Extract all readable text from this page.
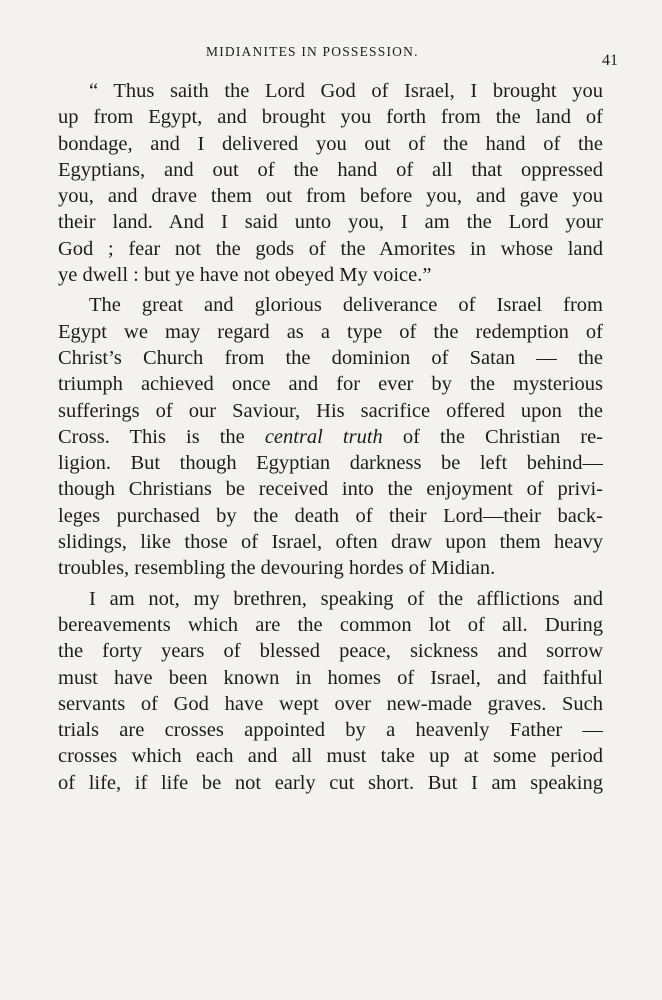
MIDIANITES IN POSSESSION.
41
“ Thus saith the Lord God of Israel, I brought you
up from Egypt, and brought you forth from the land of
bondage, and I delivered you out of the hand of the
Egyptians, and out of the hand of all that oppressed
you, and drave them out from before you, and gave you
their land. And I said unto you, I am the Lord your
God ; fear not the gods of the Amorites in whose land
ye dwell : but ye have not obeyed My voice.”
The great and glorious deliverance of Israel from
Egypt we may regard as a type of the redemption of
Christ’s Church from the dominion of Satan — the
triumph achieved once and for ever by the mysterious
sufferings of our Saviour, His sacrifice offered upon the
Cross. This is the central truth of the Christian re-
ligion. But though Egyptian darkness be left behind—
though Christians be received into the enjoyment of privi-
leges purchased by the death of their Lord—their back-
slidings, like those of Israel, often draw upon them heavy
troubles, resembling the devouring hordes of Midian.
I am not, my brethren, speaking of the afflictions and
bereavements which are the common lot of all. During
the forty years of blessed peace, sickness and sorrow
must have been known in homes of Israel, and faithful
servants of God have wept over new-made graves. Such
trials are crosses appointed by a heavenly Father —
crosses which each and all must take up at some period
of life, if life be not early cut short. But I am speaking
